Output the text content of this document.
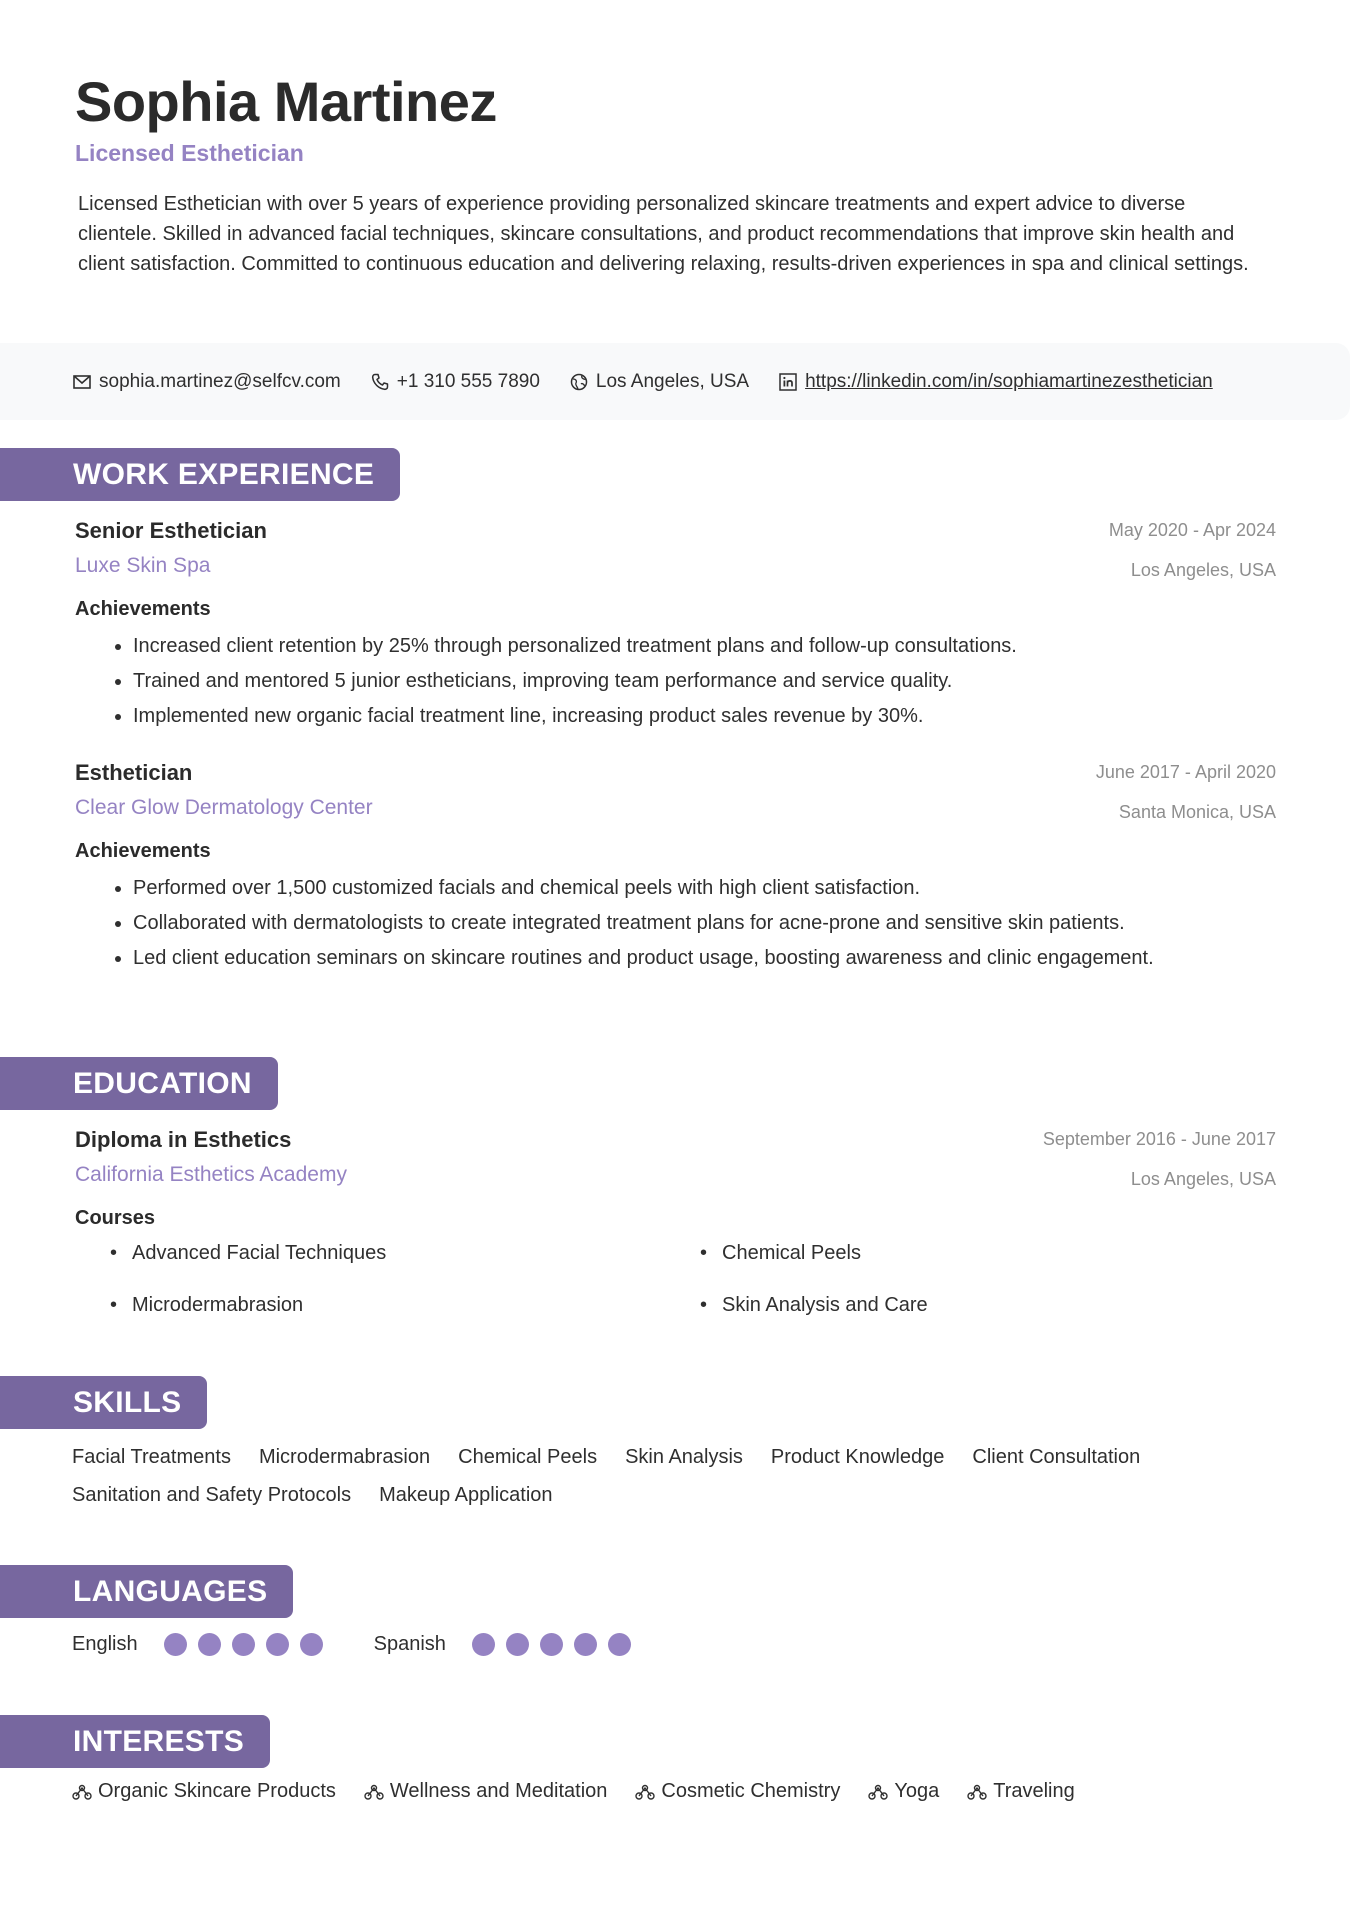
Sophia Martinez
Licensed Esthetician
Licensed Esthetician with over 5 years of experience providing personalized skincare treatments and expert advice to diverse clientele. Skilled in advanced facial techniques, skincare consultations, and product recommendations that improve skin health and client satisfaction. Committed to continuous education and delivering relaxing, results-driven experiences in spa and clinical settings.
sophia.martinez@selfcv.com	+1 310 555 7890	Los Angeles, USA	https://linkedin.com/in/sophiamartinezesthetician
WORK EXPERIENCE
Senior Esthetician
Luxe Skin Spa
May 2020 - Apr 2024
Los Angeles, USA
Achievements
• Increased client retention by 25% through personalized treatment plans and follow-up consultations.
• Trained and mentored 5 junior estheticians, improving team performance and service quality.
• Implemented new organic facial treatment line, increasing product sales revenue by 30%.
Esthetician
Clear Glow Dermatology Center
June 2017 - April 2020
Santa Monica, USA
Achievements
• Performed over 1,500 customized facials and chemical peels with high client satisfaction.
• Collaborated with dermatologists to create integrated treatment plans for acne-prone and sensitive skin patients.
• Led client education seminars on skincare routines and product usage, boosting awareness and clinic engagement.
EDUCATION
Diploma in Esthetics
California Esthetics Academy
September 2016 - June 2017
Los Angeles, USA
Courses
• Advanced Facial Techniques	• Chemical Peels
• Microdermabrasion	• Skin Analysis and Care
SKILLS
Facial Treatments Microdermabrasion Chemical Peels Skin Analysis Product Knowledge Client Consultation
Sanitation and Safety Protocols Makeup Application
LANGUAGES
English	Spanish
INTERESTS
Organic Skincare Products	Wellness and Meditation	Cosmetic Chemistry	Yoga	Traveling
